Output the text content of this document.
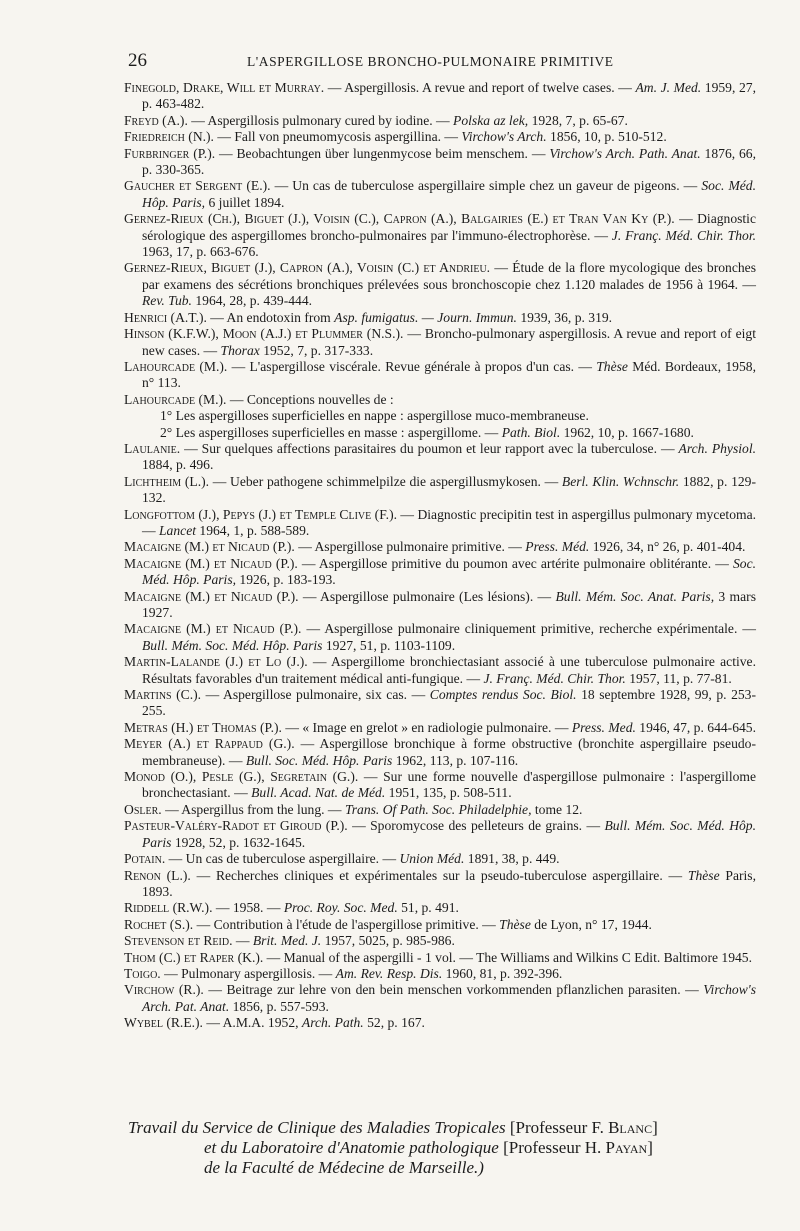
26	L'ASPERGILLOSE BRONCHO-PULMONAIRE PRIMITIVE

Finegold, Drake, Will et Murray. — Aspergillosis. A revue and report of twelve cases. — Am. J. Med. 1959, 27, p. 463-482.

Freyd (A.). — Aspergillosis pulmonary cured by iodine. — Polska az lek, 1928, 7, p. 65-67.

Friedreich (N.). — Fall von pneumomycosis aspergillina. — Virchow's Arch. 1856, 10, p. 510-512.

Furbringer (P.). — Beobachtungen über lungenmycose beim menschem. — Virchow's Arch. Path. Anat. 1876, 66, p. 330-365.

Gaucher et Sergent (E.). — Un cas de tuberculose aspergillaire simple chez un gaveur de pigeons. — Soc. Méd. Hôp. Paris, 6 juillet 1894.

Gernez-Rieux (Ch.), Biguet (J.), Voisin (C.), Capron (A.), Balgairies (E.) et Tran Van Ky (P.). — Diagnostic sérologique des aspergillomes broncho-pulmonaires par l'immuno-électrophorèse. — J. Franç. Méd. Chir. Thor. 1963, 17, p. 663-676.

Gernez-Rieux, Biguet (J.), Capron (A.), Voisin (C.) et Andrieu. — Étude de la flore mycologique des bronches par examens des sécrétions bronchiques prélevées sous bronchoscopie chez 1.120 malades de 1956 à 1964. — Rev. Tub. 1964, 28, p. 439-444.

Henrici (A.T.). — An endotoxin from Asp. fumigatus. — Journ. Immun. 1939, 36, p. 319.

Hinson (K.F.W.), Moon (A.J.) et Plummer (N.S.). — Broncho-pulmonary aspergillosis. A revue and report of eigt new cases. — Thorax 1952, 7, p. 317-333.

Lahourcade (M.). — L'aspergillose viscérale. Revue générale à propos d'un cas. — Thèse Méd. Bordeaux, 1958, n° 113.

Lahourcade (M.). — Conceptions nouvelles de :
1° Les aspergilloses superficielles en nappe : aspergillose muco-membraneuse.
2° Les aspergilloses superficielles en masse : aspergillome. — Path. Biol. 1962, 10, p. 1667-1680.

Laulanie. — Sur quelques affections parasitaires du poumon et leur rapport avec la tuberculose. — Arch. Physiol. 1884, p. 496.

Lichtheim (L.). — Ueber pathogene schimmelpilze die aspergillusmykosen. — Berl. Klin. Wchnschr. 1882, p. 129-132.

Longfottom (J.), Pepys (J.) et Temple Clive (F.). — Diagnostic precipitin test in aspergillus pulmonary mycetoma. — Lancet 1964, 1, p. 588-589.

Macaigne (M.) et Nicaud (P.). — Aspergillose pulmonaire primitive. — Press. Méd. 1926, 34, n° 26, p. 401-404.

Macaigne (M.) et Nicaud (P.). — Aspergillose primitive du poumon avec artérite pulmonaire oblitérante. — Soc. Méd. Hôp. Paris, 1926, p. 183-193.

Macaigne (M.) et Nicaud (P.). — Aspergillose pulmonaire (Les lésions). — Bull. Mém. Soc. Anat. Paris, 3 mars 1927.

Macaigne (M.) et Nicaud (P.). — Aspergillose pulmonaire cliniquement primitive, recherche expérimentale. — Bull. Mém. Soc. Méd. Hôp. Paris 1927, 51, p. 1103-1109.

Martin-Lalande (J.) et Lo (J.). — Aspergillome bronchiectasiant associé à une tuberculose pulmonaire active. Résultats favorables d'un traitement médical anti-fungique. — J. Franç. Méd. Chir. Thor. 1957, 11, p. 77-81.

Martins (C.). — Aspergillose pulmonaire, six cas. — Comptes rendus Soc. Biol. 18 septembre 1928, 99, p. 253-255.

Metras (H.) et Thomas (P.). — « Image en grelot » en radiologie pulmonaire. — Press. Med. 1946, 47, p. 644-645.

Meyer (A.) et Rappaud (G.). — Aspergillose bronchique à forme obstructive (bronchite aspergillaire pseudo-membraneuse). — Bull. Soc. Méd. Hôp. Paris 1962, 113, p. 107-116.

Monod (O.), Pesle (G.), Segretain (G.). — Sur une forme nouvelle d'aspergillose pulmonaire : l'aspergillome bronchectasiant. — Bull. Acad. Nat. de Méd. 1951, 135, p. 508-511.

Osler. — Aspergillus from the lung. — Trans. Of Path. Soc. Philadelphie, tome 12.

Pasteur-Valéry-Radot et Giroud (P.). — Sporomycose des pelleteurs de grains. — Bull. Mém. Soc. Méd. Hôp. Paris 1928, 52, p. 1632-1645.

Potain. — Un cas de tuberculose aspergillaire. — Union Méd. 1891, 38, p. 449.

Renon (L.). — Recherches cliniques et expérimentales sur la pseudo-tuberculose aspergillaire. — Thèse Paris, 1893.

Riddell (R.W.). — 1958. — Proc. Roy. Soc. Med. 51, p. 491.

Rochet (S.). — Contribution à l'étude de l'aspergillose primitive. — Thèse de Lyon, n° 17, 1944.

Stevenson et Reid. — Brit. Med. J. 1957, 5025, p. 985-986.

Thom (C.) et Raper (K.). — Manual of the aspergilli - 1 vol. — The Williams and Wilkins C Edit. Baltimore 1945.

Toigo. — Pulmonary aspergillosis. — Am. Rev. Resp. Dis. 1960, 81, p. 392-396.

Virchow (R.). — Beitrage zur lehre von den bein menschen vorkommenden pflanzlichen parasiten. — Virchow's Arch. Pat. Anat. 1856, p. 557-593.

Wybel (R.E.). — A.M.A. 1952, Arch. Path. 52, p. 167.

Travail du Service de Clinique des Maladies Tropicales [Professeur F. Blanc]
et du Laboratoire d'Anatomie pathologique [Professeur H. Payan]
de la Faculté de Médecine de Marseille.)
